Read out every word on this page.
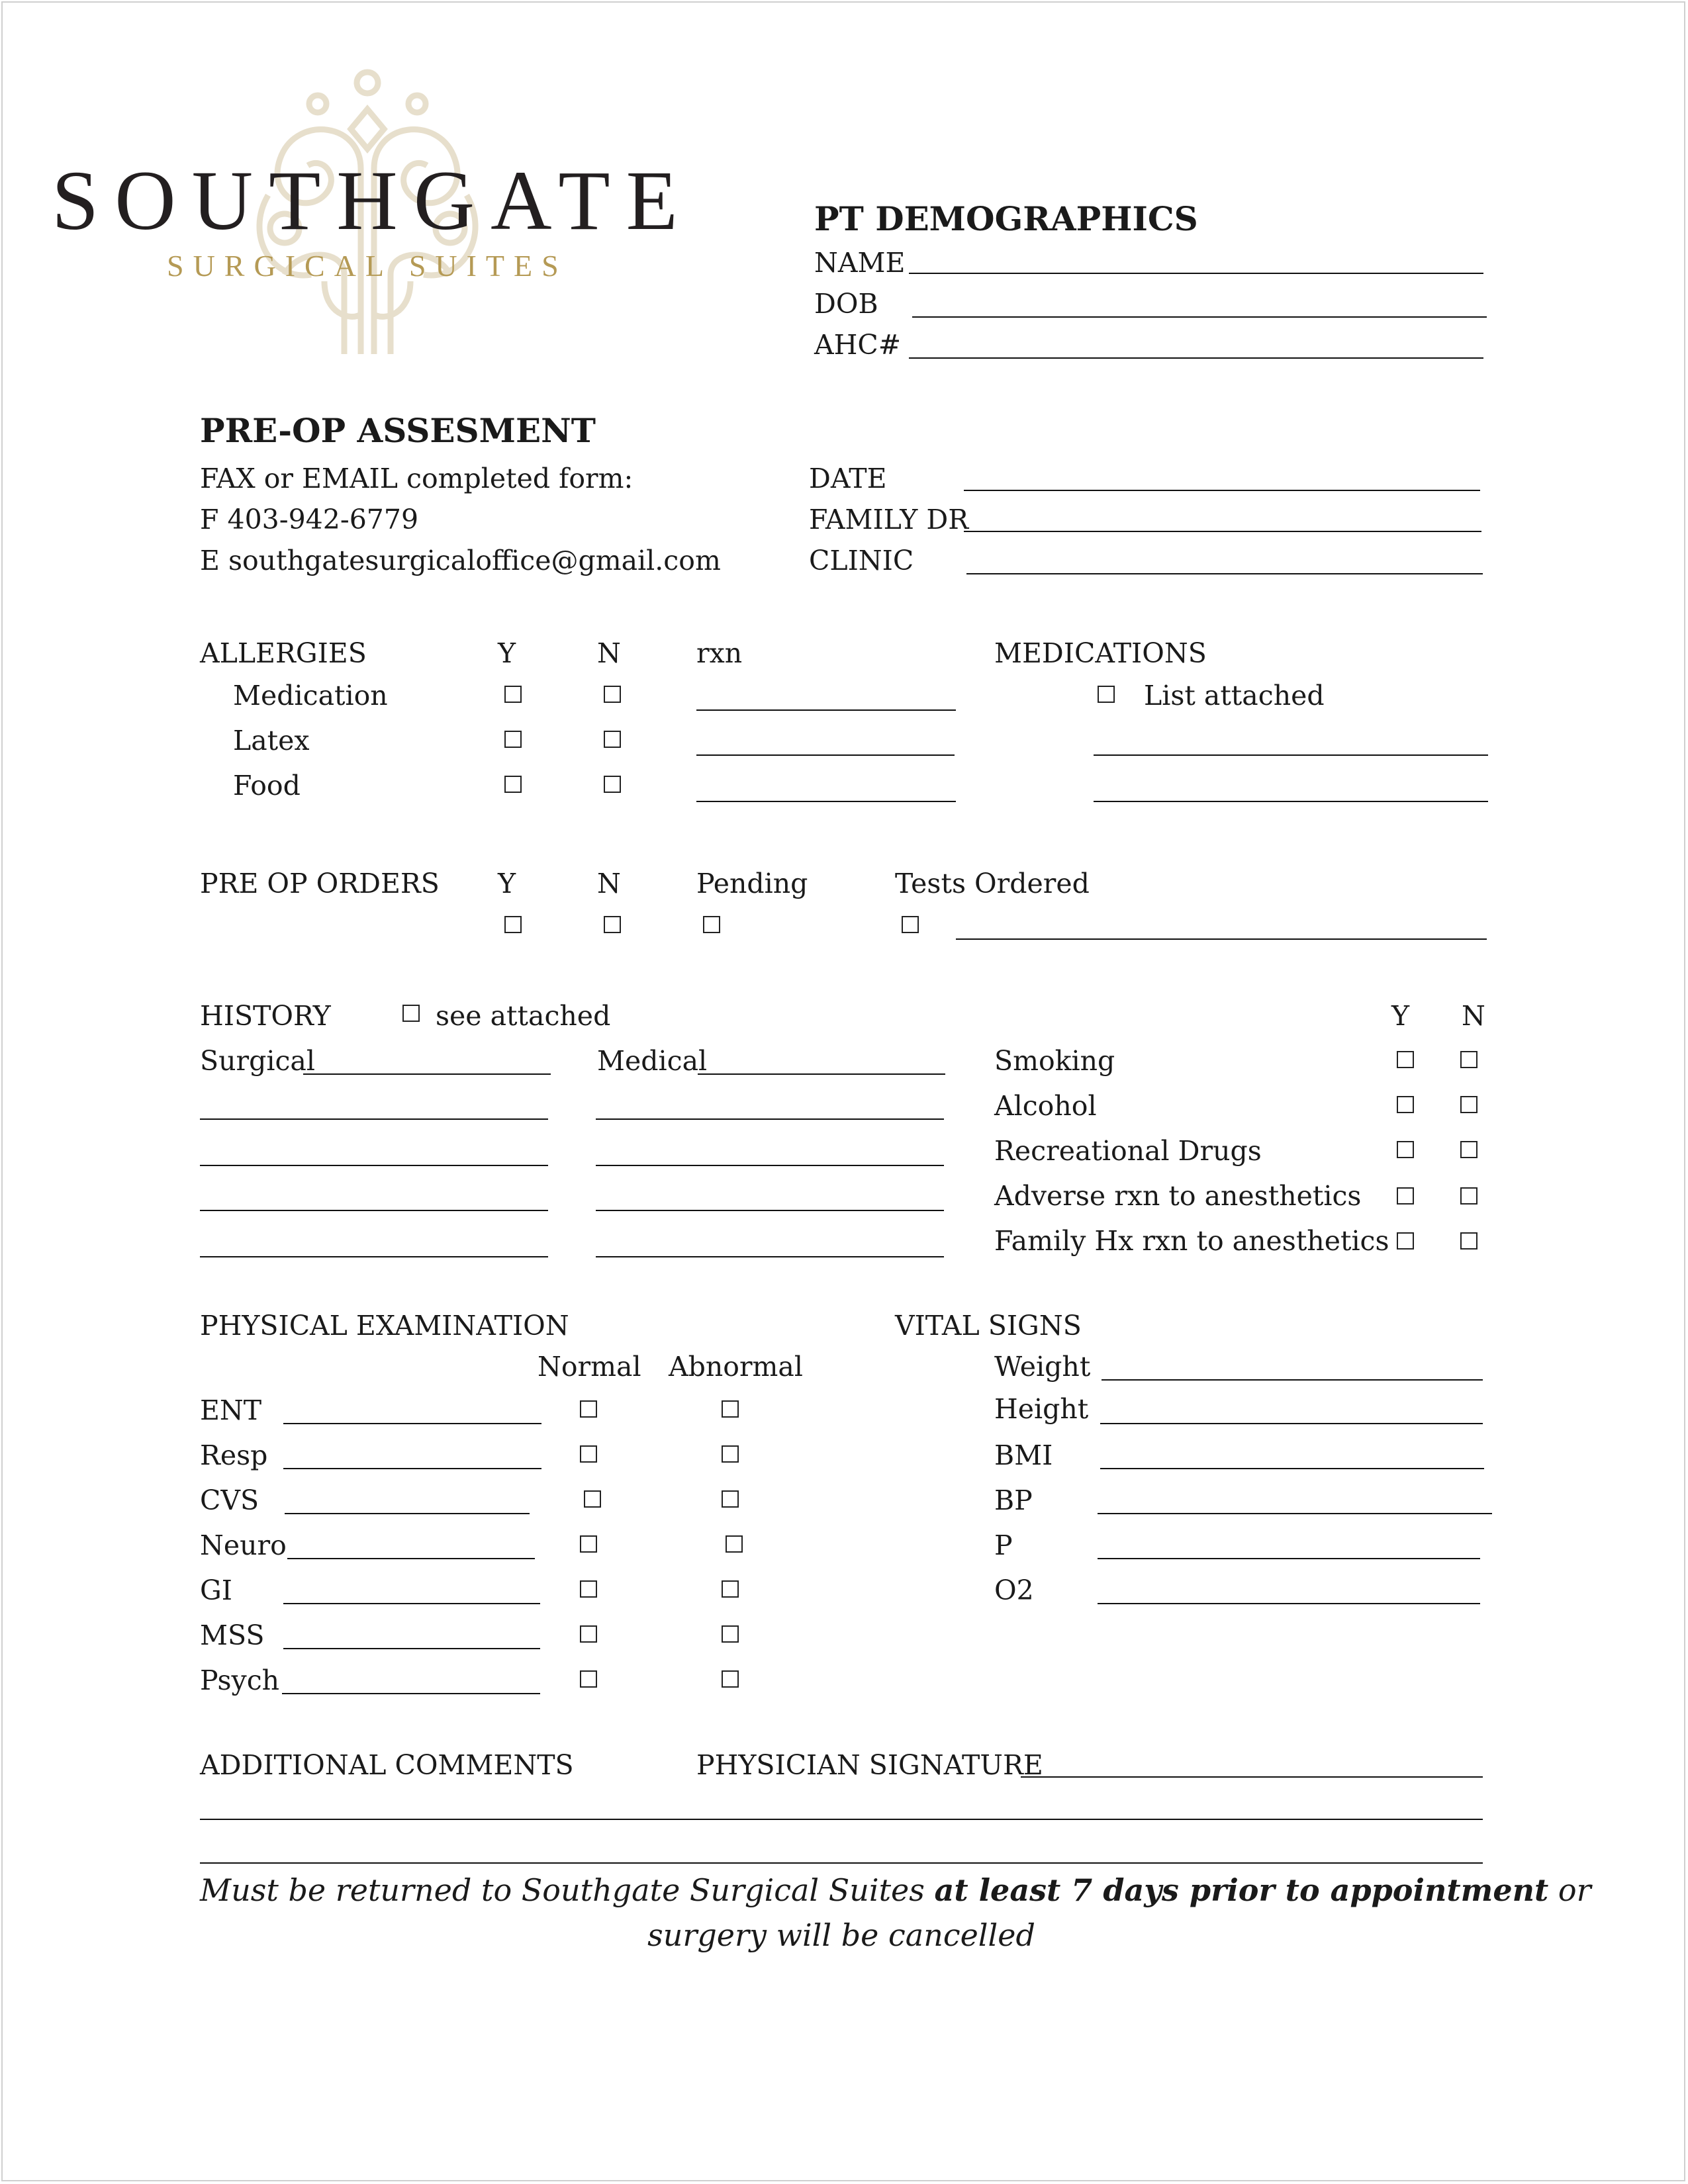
SOUTHGATE
SURGICAL SUITES
PT DEMOGRAPHICS
NAME
DOB
AHC#
PRE-OP ASSESMENT
FAX or EMAIL completed form:
F 403-942-6779
E southgatesurgicaloffice@gmail.com
DATE
FAMILY DR
CLINIC
ALLERGIES	Y	N	rxn
Medication
Latex
Food
MEDICATIONS
List attached
PRE OP ORDERS Y	N	Pending	Tests Ordered
HISTORY	see attached	Y N
Surgical	Medical	Smoking
Alcohol
Recreational Drugs
Adverse rxn to anesthetics
Family Hx rxn to anesthetics
PHYSICAL EXAMINATION
Normal Abnormal
ENT
Resp
CVS
Neuro
GI
MSS
Psych
VITAL SIGNS
Weight
Height
BMI
BP
P
O2
ADDITIONAL COMMENTS	PHYSICIAN SIGNATURE
Must be returned to Southgate Surgical Suites at least 7 days prior to appointment or
surgery will be cancelled
